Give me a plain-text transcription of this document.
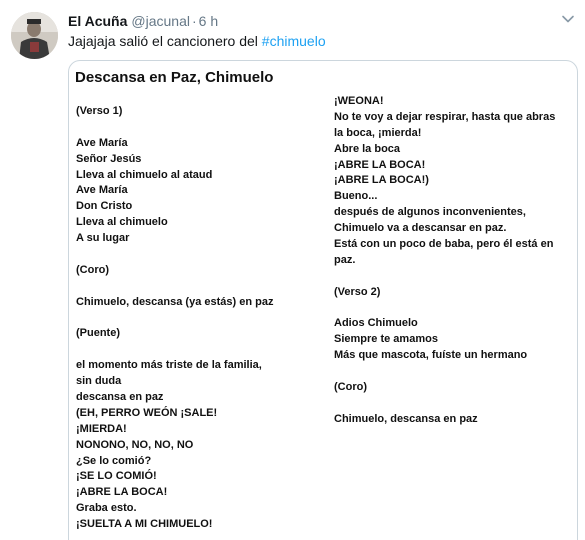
El Acuña @jacunal · 6 h
Jajajaja salió el cancionero del #chimuelo
Descansa en Paz, Chimuelo
(Verso 1)
Ave María
Señor Jesús
Lleva al chimuelo al ataud
Ave María
Don Cristo
Lleva al chimuelo
A su lugar
(Coro)
Chimuelo, descansa (ya estás) en paz
(Puente)
el momento más triste de la familia,
sin duda
descansa en paz
(EH, PERRO WEÓN ¡SALE!
¡MIERDA!
NONONO, NO, NO, NO
¿Se lo comió?
¡SE LO COMIÓ!
¡ABRE LA BOCA!
Graba esto.
¡SUELTA A MI CHIMUELO!
¡WEONA!
No te voy a dejar respirar, hasta que abras
la boca, ¡mierda!
Abre la boca
¡ABRE LA BOCA!
¡ABRE LA BOCA!)
Bueno...
después de algunos inconvenientes,
Chimuelo va a descansar en paz.
Está con un poco de baba, pero él está en
paz.
(Verso 2)
Adios Chimuelo
Siempre te amamos
Más que mascota, fuíste un hermano
(Coro)
Chimuelo, descansa en paz
